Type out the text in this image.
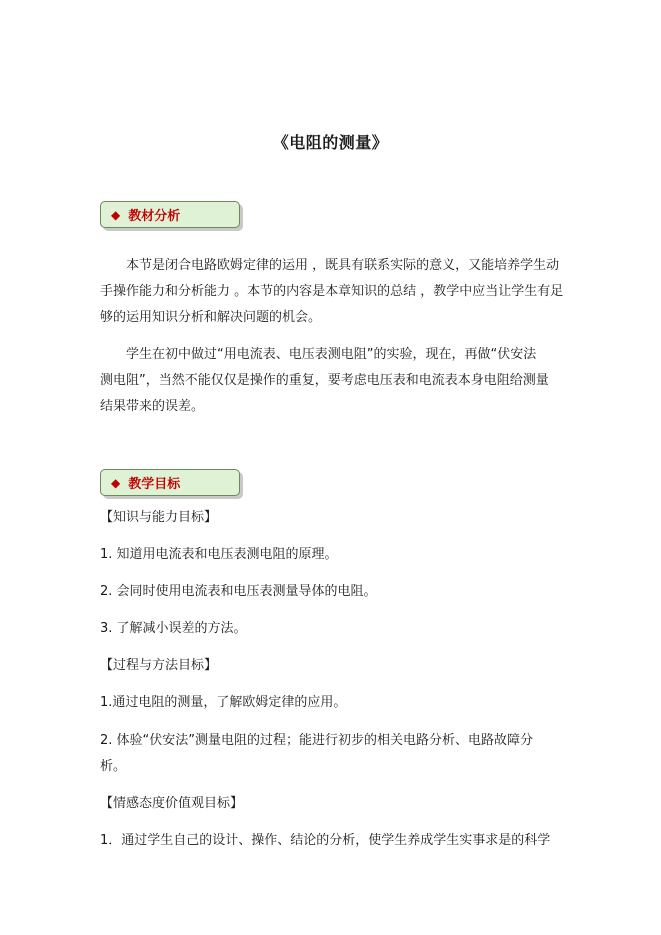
《电阻的测量》
◆ 教材分析
本节是闭合电路欧姆定律的运用 ，既具有联系实际的意义，又能培养学生动
手操作能力和分析能力 。本节的内容是本章知识的总结 ，教学中应当让学生有足
够的运用知识分析和解决问题的机会。
学生在初中做过“用电流表、电压表测电阻”的实验，现在，再做“伏安法
测电阻”，当然不能仅仅是操作的重复，要考虑电压表和电流表本身电阻给测量
结果带来的误差。
◆ 教学目标
【知识与能力目标】
1. 知道用电流表和电压表测电阻的原理。
2. 会同时使用电流表和电压表测量导体的电阻。
3. 了解减小误差的方法。
【过程与方法目标】
1.通过电阻的测量，了解欧姆定律的应用。
2. 体验“伏安法”测量电阻的过程；能进行初步的相关电路分析、电路故障分
析。
【情感态度价值观目标】
1．通过学生自己的设计、操作、结论的分析，使学生养成学生实事求是的科学
